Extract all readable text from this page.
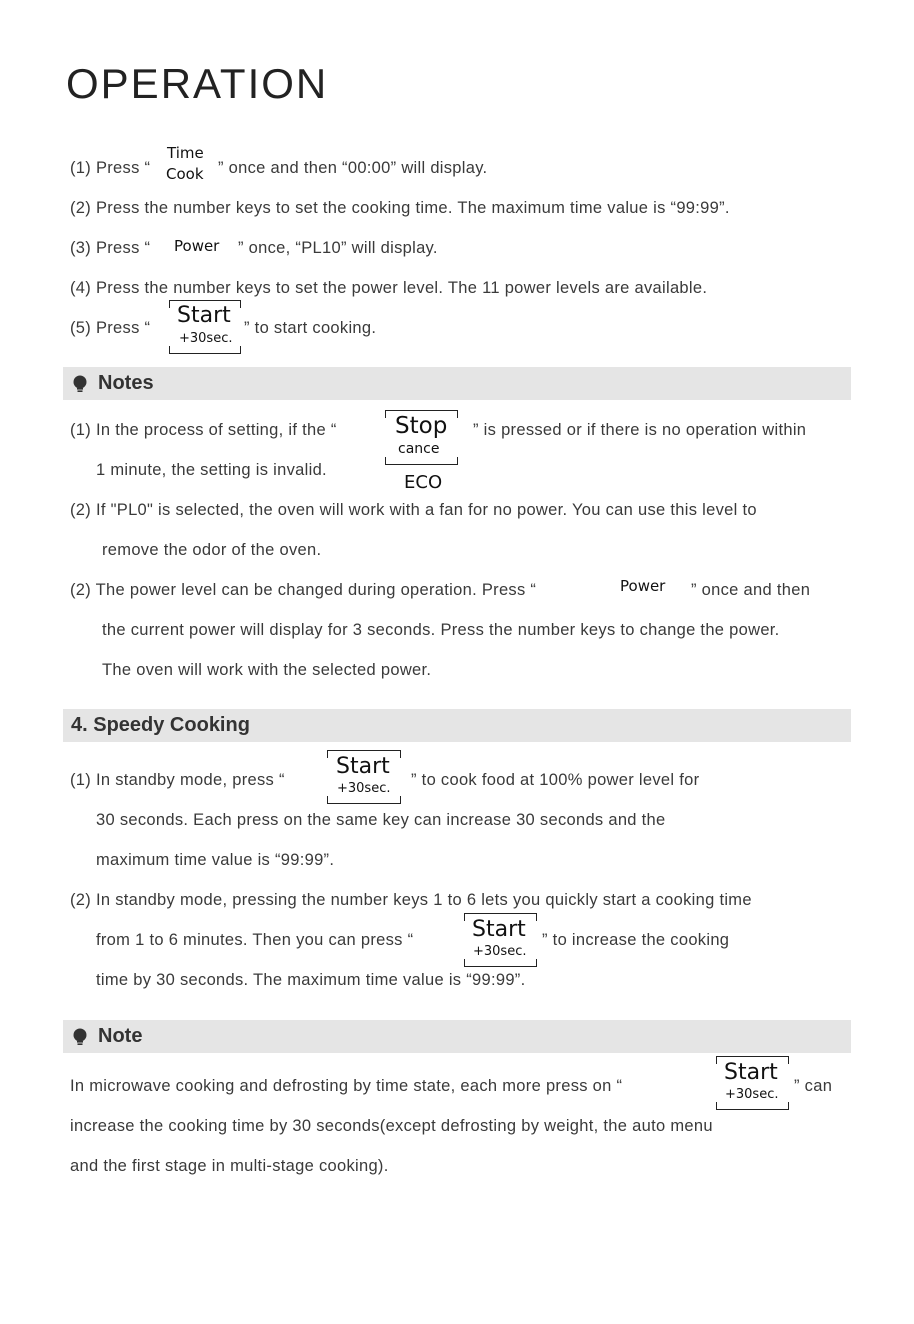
OPERATION
(1) Press “
Time
Cook ” once and then “00:00” will display.
(2) Press the number keys to set the cooking time. The maximum time value is “99:99”.
(3) Press “ Power ” once, “PL10” will display.
(4) Press the number keys to set the power level. The 11 power levels are available.
(5) Press “ Start
+30sec.
” to start cooking.
Notes
(1) In the process of setting, if the “	Stop
cance
ECO
” is pressed or if there is no operation within
1 minute, the setting is invalid.
(2) If "PL0" is selected, the oven will work with a fan for no power. You can use this level to
remove the odor of the oven.
(2) The power level can be changed during operation. Press “	Power ” once and then
the current power will display for 3 seconds. Press the number keys to change the power.
The oven will work with the selected power.
4. Speedy Cooking
(1) In standby mode, press “
Start
+30sec. ” to cook food at 100% power level for
30 seconds. Each press on the same key can increase 30 seconds and the
maximum time value is “99:99”.
(2) In standby mode, pressing the number keys 1 to 6 lets you quickly start a cooking time
from 1 to 6 minutes. Then you can press “	Start
+30sec.
” to increase the cooking
time by 30 seconds. The maximum time value is “99:99”.
Note
In microwave cooking and defrosting by time state, each more press on “
Start
+30sec. ” can
increase the cooking time by 30 seconds(except defrosting by weight, the auto menu
and the first stage in multi-stage cooking).
